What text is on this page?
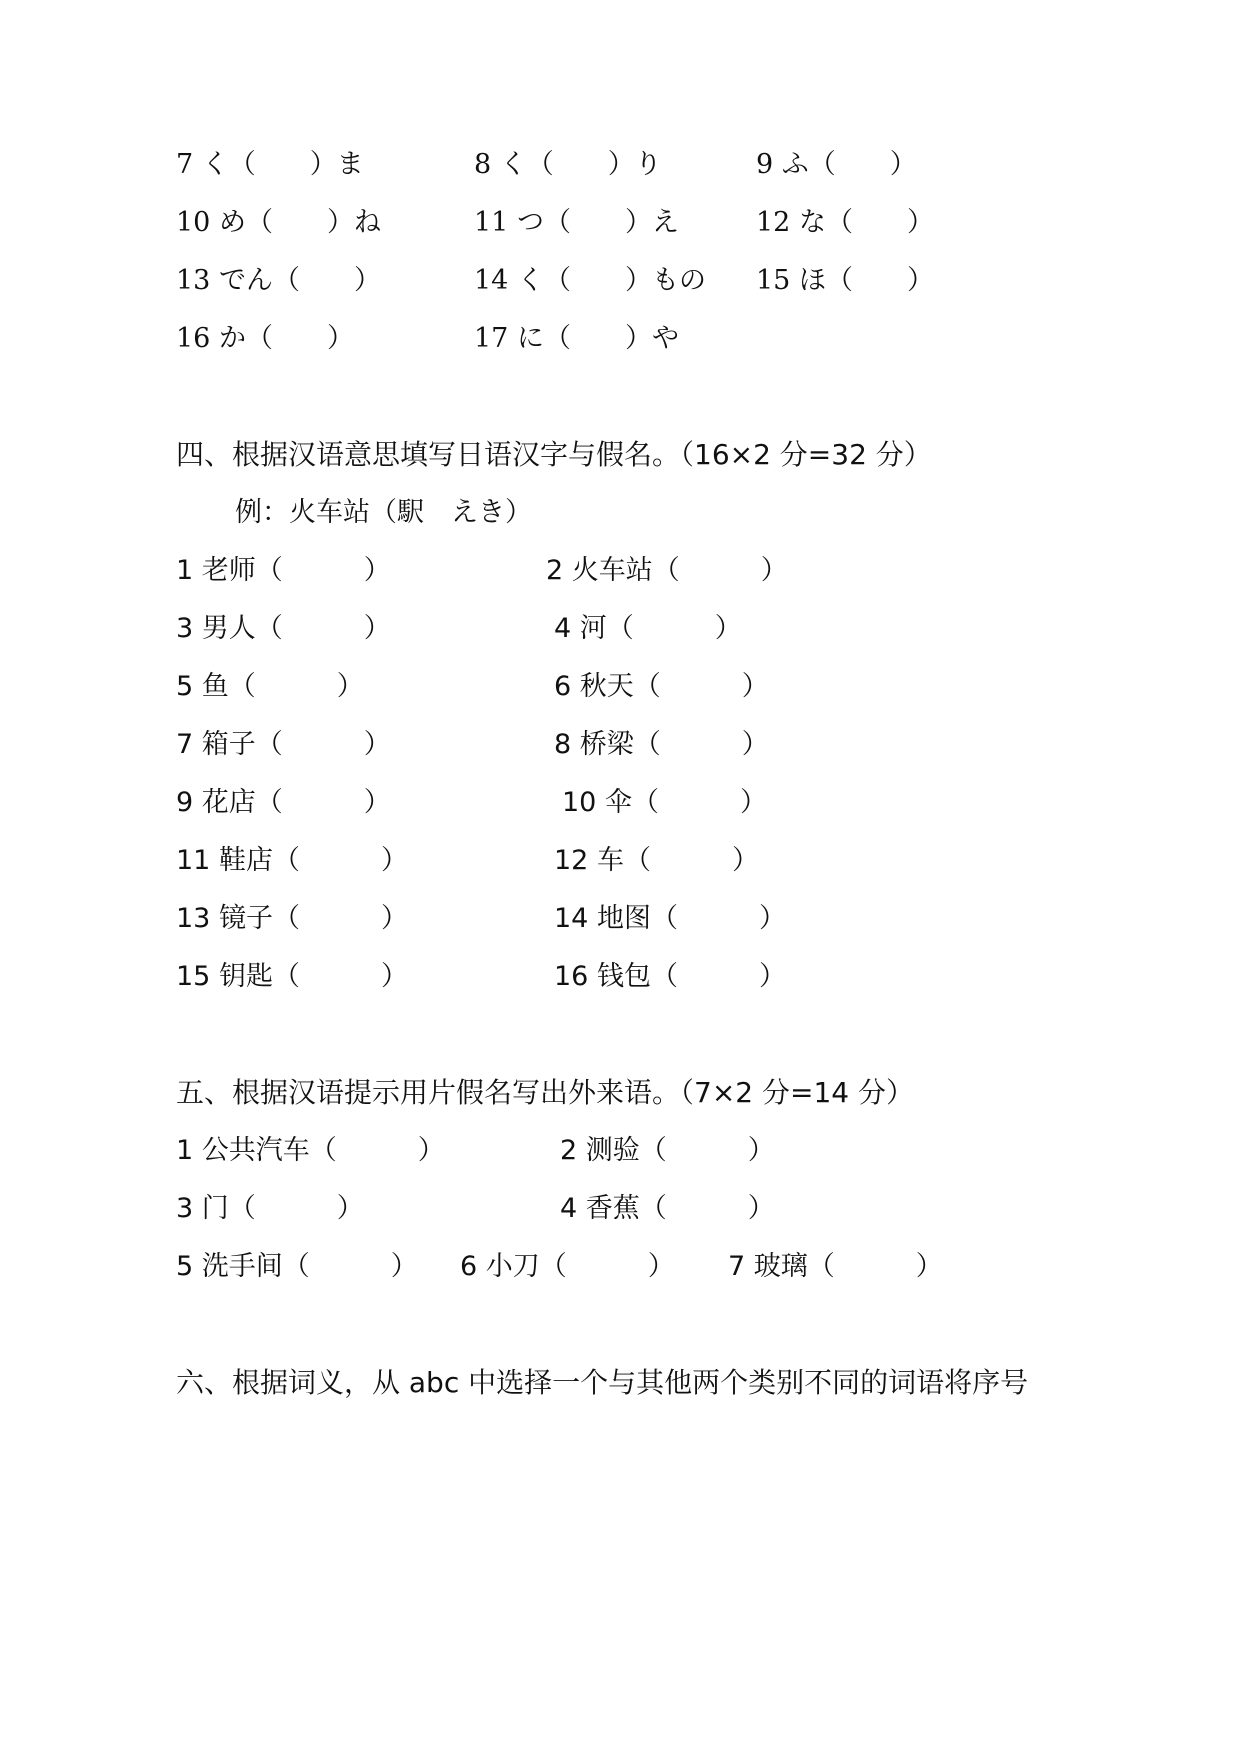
7 く（　　）ま	8 く（　　）り	9 ふ（　　）
10 め（　　）ね	11 つ（　　）え	12 な（　　）
13 でん（　　）	14 く（　　）もの 15 ほ（　　）
16 か（　　）	17 に（　　）や
四、根据汉语意思填写日语汉字与假名。（16×2 分=32 分）
例：火车站（駅　えき）
1 老师（　　　）	2 火车站（　　　）
3 男人（　　　）	4 河（　　　）
5 鱼（　　　）	6 秋天（　　　）
7 箱子（　　　）	8 桥梁（　　　）
9 花店（　　　）	10 伞（　　　）
11 鞋店（　　　）	12 车（　　　）
13 镜子（　　　）	14 地图（　　　）
15 钥匙（　　　）	16 钱包（　　　）
五、根据汉语提示用片假名写出外来语。（7×2 分=14 分）
1 公共汽车（　　　）	2 测验（　　　）
3 门（　　　）	4 香蕉（　　　）
5 洗手间（　　　） 6 小刀（　　　） 7 玻璃（　　　）
六、根据词义，从 abc 中选择一个与其他两个类别不同的词语将序号
